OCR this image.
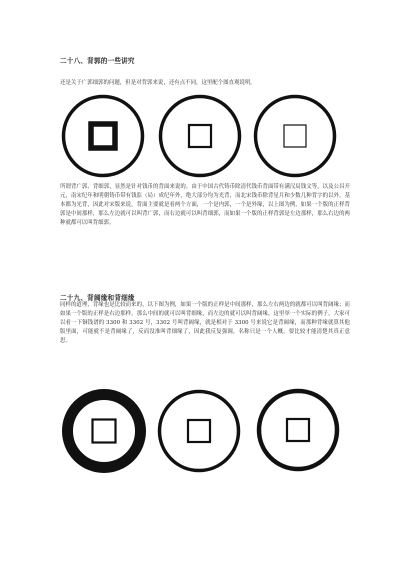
二十八、背郭的一些讲究

还是关于广郭细郭的问题，但是对背郭来说，还有点不同，这里配个图直观说明。

所谓背广郭、背细郭，显然是针对钱币的背面来说的。由于中国古代铸币除清代钱币背面带有满汉局钱文等，以及公昌开元，南宋纪年和明朝铸币带有钱监（局）成纪年外，绝大部分均为光背，而北宋钱币除背星月和少数几种背字的以外，基本都为光背，因此对宋版来说，背面主要就是看两个方面，一个是内郭，一个是外缘，以上图为例，如果一个版的正样背郭是中间那样，那么左边就可以叫背广郭，而右边就可以叫背细郭，而如果一个版的正样背郭是左边那样，那么右边的两种就都可以叫背细郭。

二十九、背阔缘和背细缘

同样的道理，背缘也是比较而来的，以下图为例，如果一个版的正样是中间那样，那么左右两边的就都可以叫背阔缘；而如果一个版的正样是右边那样，那么中间的就可以叫背细缘，而左边的就可以叫背阔缘，这里举一个实际的例子，大家可以看一下铜钱谱的 3300 和 3302 号，3302 号叫背阔缘，就是相对于 3300 号来说它是背阔缘，而那种背缘就算其他版里面，可能就不是背阔缘了，反而没准叫背细缘了，因此我反复强调，名称只是一个人概，要比较才能清楚其真正意思。
